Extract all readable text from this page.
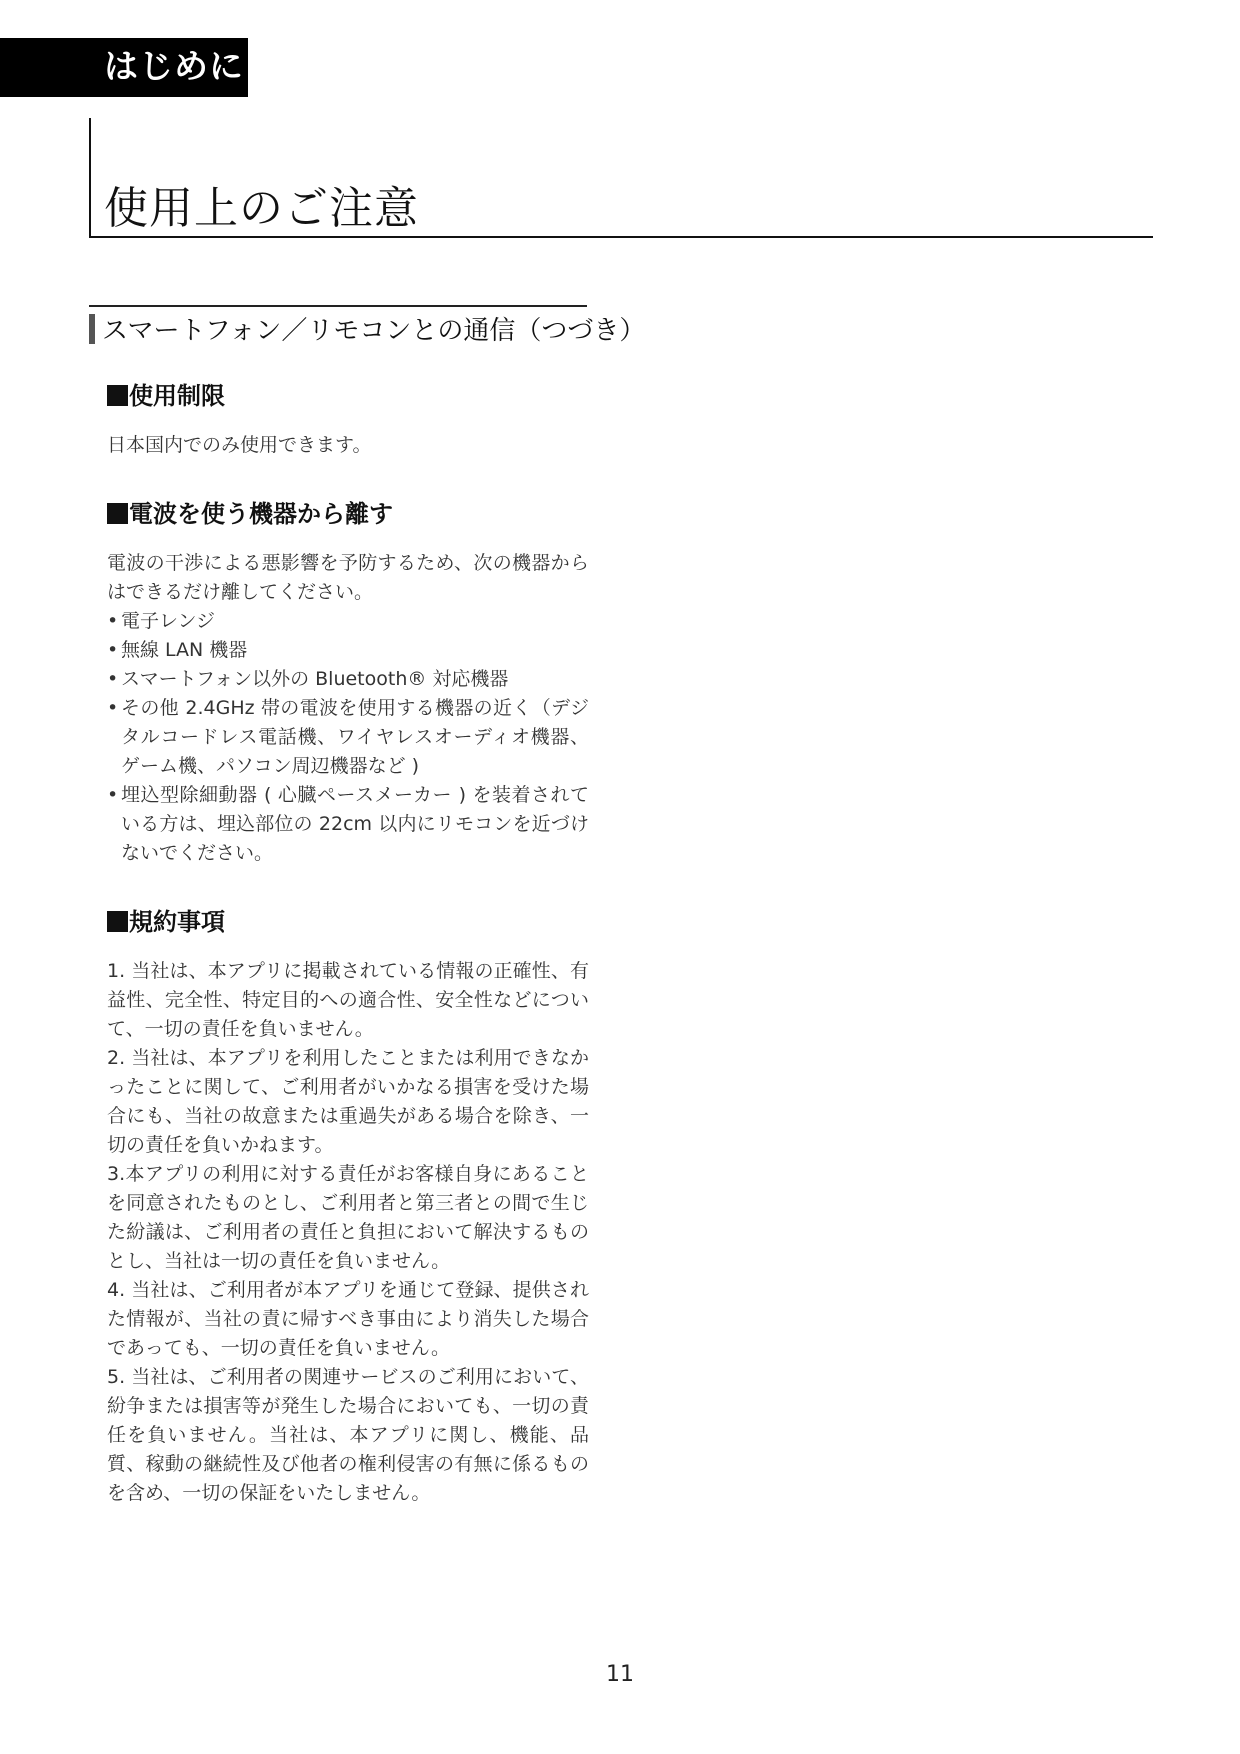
はじめに
使用上のご注意
スマートフォン／リモコンとの通信（つづき）
使用制限

日本国内でのみ使用できます。

電波を使う機器から離す

電波の干渉による悪影響を予防するため、次の機器からはできるだけ離してください。

• 電子レンジ
• 無線 LAN 機器
• スマートフォン以外の Bluetooth® 対応機器
• その他 2.4GHz 帯の電波を使用する機器の近く（デジタルコードレス電話機、ワイヤレスオーディオ機器、ゲーム機、パソコン周辺機器など )
• 埋込型除細動器 ( 心臓ペースメーカー ) を装着されている方は、埋込部位の 22cm 以内にリモコンを近づけないでください。
規約事項

1. 当社は、本アプリに掲載されている情報の正確性、有益性、完全性、特定目的への適合性、安全性などについて、一切の責任を負いません。

2. 当社は、本アプリを利用したことまたは利用できなかったことに関して、ご利用者がいかなる損害を受けた場合にも、当社の故意または重過失がある場合を除き、一切の責任を負いかねます。

3.本アプリの利用に対する責任がお客様自身にあることを同意されたものとし、ご利用者と第三者との間で生じた紛議は、ご利用者の責任と負担において解決するものとし、当社は一切の責任を負いません。

4. 当社は、ご利用者が本アプリを通じて登録、提供された情報が、当社の責に帰すべき事由により消失した場合であっても、一切の責任を負いません。

5. 当社は、ご利用者の関連サービスのご利用において、紛争または損害等が発生した場合においても、一切の責任を負いません。当社は、本アプリに関し、機能、品質、稼動の継続性及び他者の権利侵害の有無に係るものを含め、一切の保証をいたしません。

11
